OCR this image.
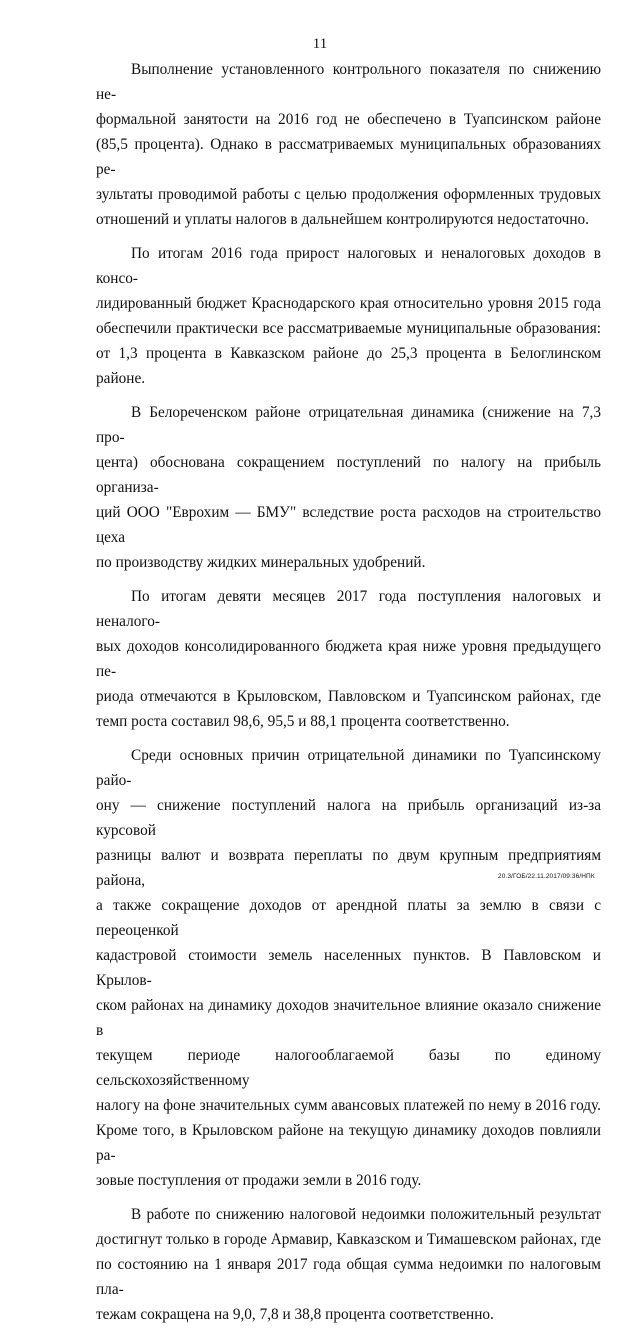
11

Выполнение установленного контрольного показателя по снижению не-
формальной занятости на 2016 год не обеспечено в Туапсинском районе
(85,5 процента). Однако в рассматриваемых муниципальных образованиях ре-
зультаты проводимой работы с целью продолжения оформленных трудовых
отношений и уплаты налогов в дальнейшем контролируются недостаточно.

По итогам 2016 года прирост налоговых и неналоговых доходов в консо-
лидированный бюджет Краснодарского края относительно уровня 2015 года
обеспечили практически все рассматриваемые муниципальные образования:
от 1,3 процента в Кавказском районе до 25,3 процента в Белоглинском районе.

В Белореченском районе отрицательная динамика (снижение на 7,3 про-
цента) обоснована сокращением поступлений по налогу на прибыль организа-
ций ООО "Еврохим — БМУ" вследствие роста расходов на строительство цеха
по производству жидких минеральных удобрений.

По итогам девяти месяцев 2017 года поступления налоговых и неналого-
вых доходов консолидированного бюджета края ниже уровня предыдущего пе-
риода отмечаются в Крыловском, Павловском и Туапсинском районах, где
темп роста составил 98,6, 95,5 и 88,1 процента соответственно.

Среди основных причин отрицательной динамики по Туапсинскому райо-
ону — снижение поступлений налога на прибыль организаций из-за курсовой
разницы валют и возврата переплаты по двум крупным предприятиям района,
а также сокращение доходов от арендной платы за землю в связи с переоценкой
кадастровой стоимости земель населенных пунктов. В Павловском и Крылов-
ском районах на динамику доходов значительное влияние оказало снижение в
текущем периоде налогооблагаемой базы по единому сельскохозяйственному
налогу на фоне значительных сумм авансовых платежей по нему в 2016 году.
Кроме того, в Крыловском районе на текущую динамику доходов повлияли ра-
зовые поступления от продажи земли в 2016 году.

В работе по снижению налоговой недоимки положительный результат
достигнут только в городе Армавир, Кавказском и Тимашевском районах, где
по состоянию на 1 января 2017 года общая сумма недоимки по налоговым пла-
тежам сокращена на 9,0, 7,8 и 38,8 процента соответственно.

20.3/ГОБ/22.11.2017/09:36/НПК
